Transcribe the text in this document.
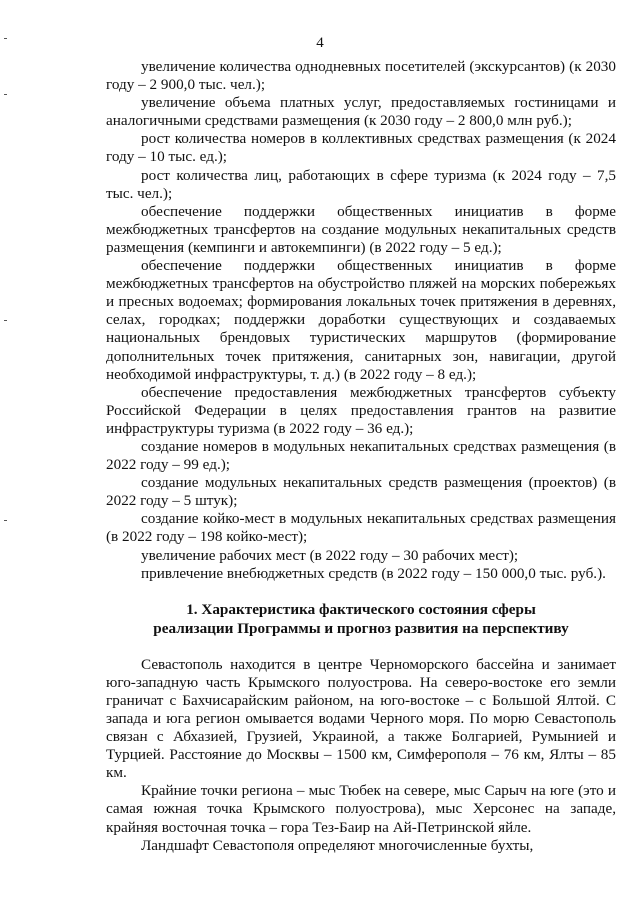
4

увеличение количества однодневных посетителей (экскурсантов) (к 2030 году – 2 900,0 тыс. чел.);

увеличение объема платных услуг, предоставляемых гостиницами и аналогичными средствами размещения (к 2030 году – 2 800,0 млн руб.);

рост количества номеров в коллективных средствах размещения (к 2024 году – 10 тыс. ед.);

рост количества лиц, работающих в сфере туризма (к 2024 году – 7,5 тыс. чел.);

обеспечение поддержки общественных инициатив в форме межбюджетных трансфертов на создание модульных некапитальных средств размещения (кемпинги и автокемпинги) (в 2022 году – 5 ед.);

обеспечение поддержки общественных инициатив в форме межбюджетных трансфертов на обустройство пляжей на морских побережьях и пресных водоемах; формирования локальных точек притяжения в деревнях, селах, городках; поддержки доработки существующих и создаваемых национальных брендовых туристических маршрутов (формирование дополнительных точек притяжения, санитарных зон, навигации, другой необходимой инфраструктуры, т. д.) (в 2022 году – 8 ед.);

обеспечение предоставления межбюджетных трансфертов субъекту Российской Федерации в целях предоставления грантов на развитие инфраструктуры туризма (в 2022 году – 36 ед.);

создание номеров в модульных некапитальных средствах размещения (в 2022 году – 99 ед.);

создание модульных некапитальных средств размещения (проектов) (в 2022 году – 5 штук);

создание койко-мест в модульных некапитальных средствах размещения (в 2022 году – 198 койко-мест);

увеличение рабочих мест (в 2022 году – 30 рабочих мест);

привлечение внебюджетных средств (в 2022 году – 150 000,0 тыс. руб.).

1. Характеристика фактического состояния сферы
реализации Программы и прогноз развития на перспективу

Севастополь находится в центре Черноморского бассейна и занимает юго-западную часть Крымского полуострова. На северо-востоке его земли граничат с Бахчисарайским районом, на юго-востоке – с Большой Ялтой. С запада и юга регион омывается водами Черного моря. По морю Севастополь связан с Абхазией, Грузией, Украиной, а также Болгарией, Румынией и Турцией. Расстояние до Москвы – 1500 км, Симферополя – 76 км, Ялты – 85 км.

Крайние точки региона – мыс Тюбек на севере, мыс Сарыч на юге (это и самая южная точка Крымского полуострова), мыс Херсонес на западе, крайняя восточная точка – гора Тез-Баир на Ай-Петринской яйле.

Ландшафт Севастополя определяют многочисленные бухты,
